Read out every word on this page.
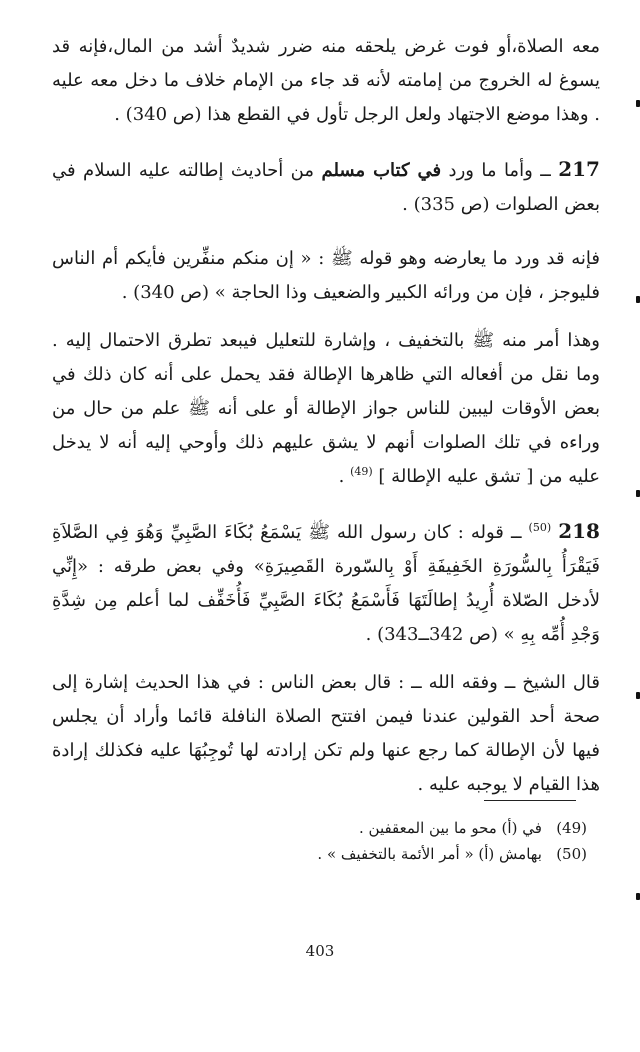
معه الصلاة،أو فوت غرض يلحقه منه ضرر شديدٌ أشد من المال،فإنه قد يسوغ له الخروج من إمامته لأنه قد جاء من الإمام خلاف ما دخل معه عليه . وهذا موضع الاجتهاد ولعل الرجل تأول في القطع هذا (ص 340) .

217 ــ وأما ما ورد في كتاب مسلم من أحاديث إطالته عليه السلام في بعض الصلوات (ص 335) .

فإنه قد ورد ما يعارضه وهو قوله ﷺ : « إن منكم منفِّرين فأيكم أم الناس فليوجز ، فإن من ورائه الكبير والضعيف وذا الحاجة » (ص 340) .

وهذا أمر منه ﷺ بالتخفيف ، وإشارة للتعليل فيبعد تطرق الاحتمال إليه . وما نقل من أفعاله التي ظاهرها الإطالة فقد يحمل على أنه كان ذلك في بعض الأوقات ليبين للناس جواز الإطالة أو على أنه ﷺ علم من حال من وراءه في تلك الصلوات أنهم لا يشق عليهم ذلك وأوحي إليه أنه لا يدخل عليه من [ تشق عليه الإطالة ] $^{(49)}$ .

218 $^{(50)}$ ــ قوله : كان رسول الله ﷺ يَسْمَعُ بُكَاءَ الصَّبِيِّ وَهُوَ فِي الصَّلاَةِ فَيَقْرَأُ بِالسُّورَةِ الخَفِيفَةِ أَوْ بِالسّورة القَصِيرَةِ» وفي بعض طرقه : «إِنِّي لأدخل الصّلاة أُرِيدُ إطالَتَهَا فَأَسْمَعُ بُكَاءَ الصَّبِيِّ فَأُخَفِّف لما أعلم مِن شِدَّةِ وَجْدِ أُمِّه بِهِ » (ص 342ــ343) .

قال الشيخ ــ وفقه الله ــ : قال بعض الناس : في هذا الحديث إشارة إلى صحة أحد القولين عندنا فيمن افتتح الصلاة النافلة قائما وأراد أن يجلس فيها لأن الإطالة كما رجع عنها ولم تكن إرادته لها تُوجِبُهَا عليه فكذلك إرادة هذا القيام لا يوجبه عليه .

(49)   في (أ) محو ما بين المعقفين .

(50)   بهامش (أ) « أمر الأئمة بالتخفيف » .

403
